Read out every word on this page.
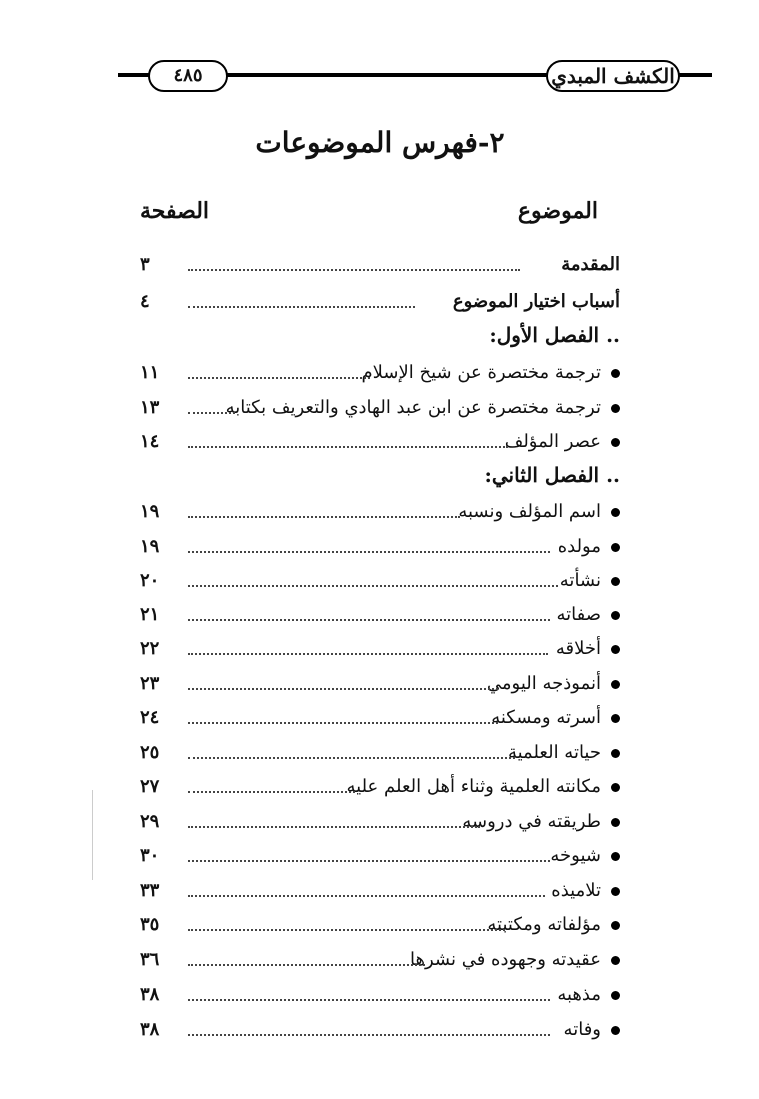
الكشف المبدي
٤٨٥
٢-فهرس الموضوعات
الموضوع
الصفحة
المقدمة
٣
أسباب اختيار الموضوع
٤
.. الفصل الأول:
ترجمة مختصرة عن شيخ الإسلام
١١
ترجمة مختصرة عن ابن عبد الهادي والتعريف بكتابه
١٣
عصر المؤلف
١٤
.. الفصل الثاني:
اسم المؤلف ونسبه
١٩
مولده
١٩
نشأته
٢٠
صفاته
٢١
أخلاقه
٢٢
أنموذجه اليومي
٢٣
أسرته ومسكنه
٢٤
حياته العلمية
٢٥
مكانته العلمية وثناء أهل العلم عليه
٢٧
طريقته في دروسه
٢٩
شيوخه
٣٠
تلاميذه
٣٣
مؤلفاته ومكتبته
٣٥
عقيدته وجهوده في نشرها
٣٦
مذهبه
٣٨
وفاته
٣٨
